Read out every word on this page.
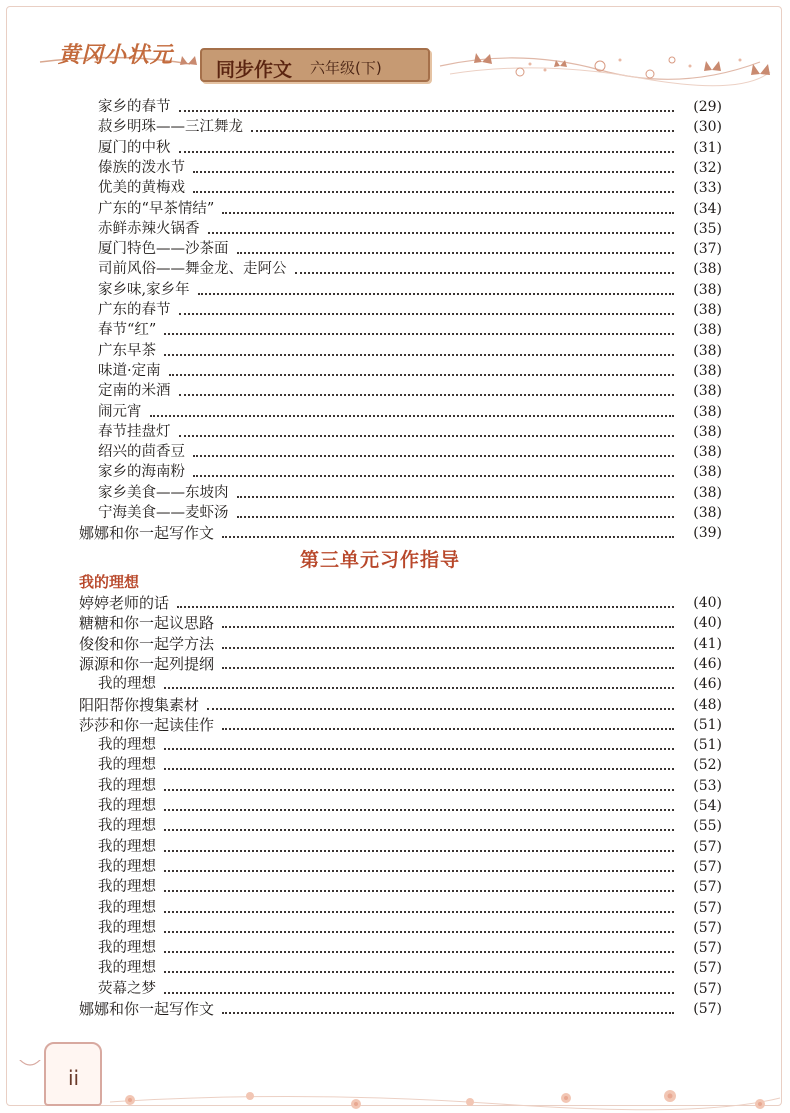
黄冈小状元
同步作文 六年级(下)
第三单元习作指导
我的理想
家乡的春节	(29)
菽乡明珠——三江舞龙	(30)
厦门的中秋	(31)
傣族的泼水节	(32)
优美的黄梅戏	(33)
广东的“早茶情结”	(34)
赤鲜赤辣火锅香	(35)
厦门特色——沙茶面	(37)
司前风俗——舞金龙、走阿公	(38)
家乡味,家乡年	(38)
广东的春节	(38)
春节“红”	(38)
广东早茶	(38)
味道·定南	(38)
定南的米酒	(38)
闹元宵	(38)
春节挂盘灯	(38)
绍兴的茴香豆	(38)
家乡的海南粉	(38)
家乡美食——东坡肉	(38)
宁海美食——麦虾汤	(38)
娜娜和你一起写作文	(39)
婷婷老师的话	(40)
糖糖和你一起议思路	(40)
俊俊和你一起学方法	(41)
源源和你一起列提纲	(46)
我的理想	(46)
阳阳帮你搜集素材	(48)
莎莎和你一起读佳作	(51)
我的理想	(51)
我的理想	(52)
我的理想	(53)
我的理想	(54)
我的理想	(55)
我的理想	(57)
我的理想	(57)
我的理想	(57)
我的理想	(57)
我的理想	(57)
我的理想	(57)
我的理想	(57)
荧幕之梦	(57)
娜娜和你一起写作文	(57)
ii
